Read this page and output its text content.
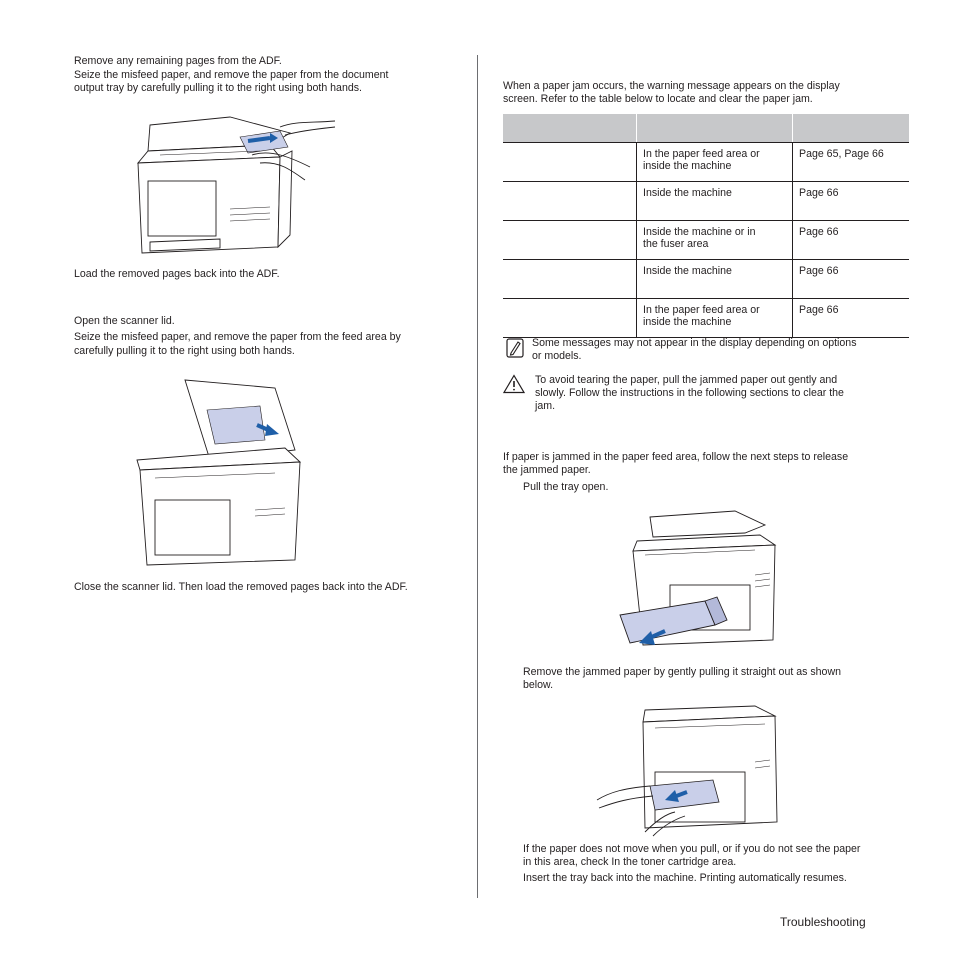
Remove any remaining pages from the ADF.
Seize the misfeed paper, and remove the paper from the document
output tray by carefully pulling it to the right using both hands.
Load the removed pages back into the ADF.
Open the scanner lid.
Seize the misfeed paper, and remove the paper from the feed area by
carefully pulling it to the right using both hands.
Close the scanner lid. Then load the removed pages back into the ADF.
When a paper jam occurs, the warning message appears on the display
screen. Refer to the table below to locate and clear the paper jam.

	In the paper feed area or
inside the machine	Page 65, Page 66
	Inside the machine	Page 66
	Inside the machine or in
the fuser area	Page 66
	Inside the machine	Page 66
	In the paper feed area or
inside the machine	Page 66
Some messages may not appear in the display depending on options
or models.
To avoid tearing the paper, pull the jammed paper out gently and
slowly. Follow the instructions in the following sections to clear the
jam.
If paper is jammed in the paper feed area, follow the next steps to release
the jammed paper.
Pull the tray open.
Remove the jammed paper by gently pulling it straight out as shown
below.
If the paper does not move when you pull, or if you do not see the paper
in this area, check In the toner cartridge area.
Insert the tray back into the machine. Printing automatically resumes.
Troubleshooting
